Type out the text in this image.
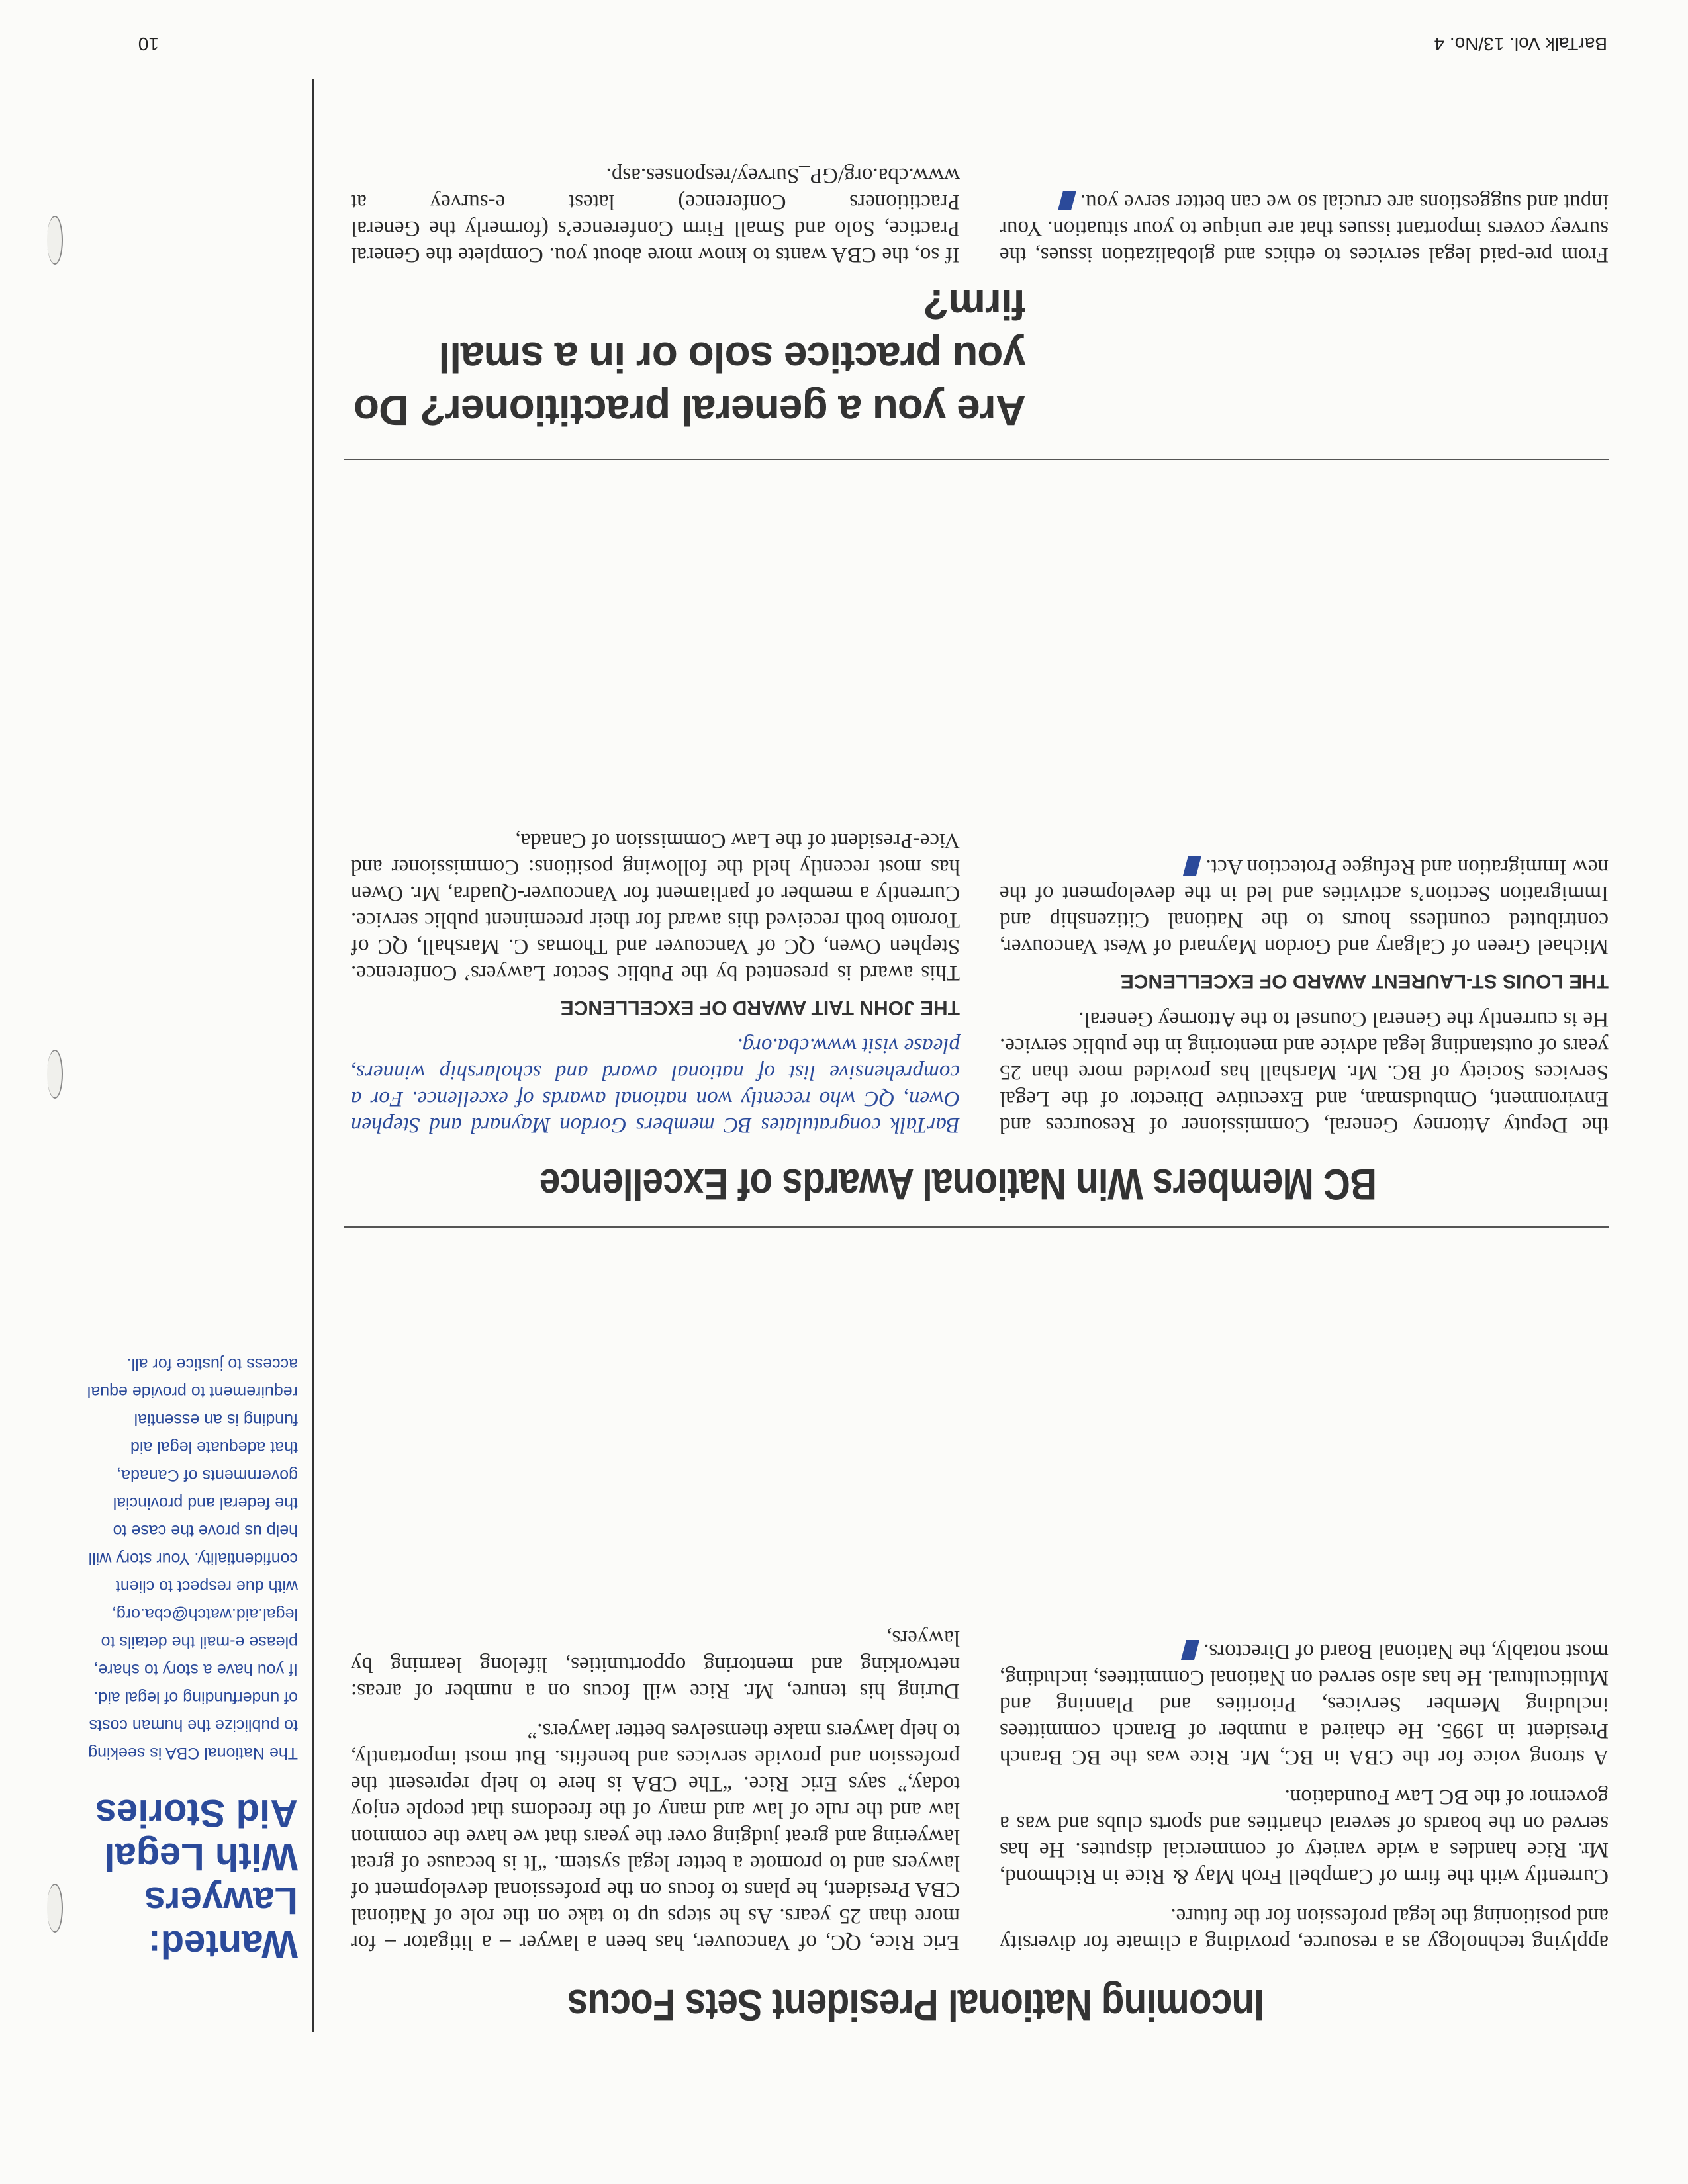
BarTalk Vol. 13/No. 4
10
Wanted: Lawyers With Legal Aid Stories
The National CBA is seeking to publicize the human costs of underfunding of legal aid. If you have a story to share, please e-mail the details to legal.aid.watch@cba.org, with due respect to client confidentiality. Your story will help us prove the case to the federal and provincial governments of Canada, that adequate legal aid funding is an essential requirement to provide equal access to justice for all.
Incoming National President Sets Focus

Eric Rice, QC, of Vancouver, has been a lawyer – a litigator – for more than 25 years. As he steps up to take on the role of National CBA President, he plans to focus on the professional development of lawyers and to promote a better legal system. “It is because of great lawyering and great judging over the years that we have the common law and the rule of law and many of the freedoms that people enjoy today,” says Eric Rice. “The CBA is here to help represent the profession and provide services and benefits. But most importantly, to help lawyers make themselves better lawyers.”

During his tenure, Mr. Rice will focus on a number of areas: networking and mentoring opportunities, lifelong learning by lawyers,

applying technology as a resource, providing a climate for diversity and positioning the legal profession for the future.

Currently with the firm of Campbell Froh May & Rice in Richmond, Mr. Rice handles a wide variety of commercial disputes. He has served on the boards of several charities and sports clubs and was a governor of the BC Law Foundation.

A strong voice for the CBA in BC, Mr. Rice was the BC Branch President in 1995. He chaired a number of Branch committees including Member Services, Priorities and Planning and Multicultural. He has also served on National Committees, including, most notably, the National Board of Directors.

BC Members Win National Awards of Excellence

BarTalk congratulates BC members Gordon Maynard and Stephen Owen, QC who recently won national awards of excellence. For a comprehensive list of national award and scholarship winners, please visit www.cba.org.

THE JOHN TAIT AWARD OF EXCELLENCE

This award is presented by the Public Sector Lawyers’ Conference. Stephen Owen, QC of Vancouver and Thomas C. Marshall, QC of Toronto both received this award for their preeminent public service. Currently a member of parliament for Vancouver-Quadra, Mr. Owen has most recently held the following positions: Commissioner and Vice-President of the Law Commission of Canada,

the Deputy Attorney General, Commissioner of Resources and Environment, Ombudsman, and Executive Director of the Legal Services Society of BC. Mr. Marshall has provided more than 25 years of outstanding legal advice and mentoring in the public service. He is currently the General Counsel to the Attorney General.

THE LOUIS ST-LAURENT AWARD OF EXCELLENCE

Michael Green of Calgary and Gordon Maynard of West Vancouver, contributed countless hours to the National Citizenship and Immigration Section’s activities and led in the development of the new Immigration and Refugee Protection Act.

Are you a general practitioner? Do you practice solo or in a small firm?

If so, the CBA wants to know more about you. Complete the General Practice, Solo and Small Firm Conference’s (formerly the General Practitioners Conference) latest e-survey at www.cba.org/GP_Survey/responses.asp.

From pre-paid legal services to ethics and globalization issues, the survey covers important issues that are unique to your situation. Your input and suggestions are crucial so we can better serve you.
